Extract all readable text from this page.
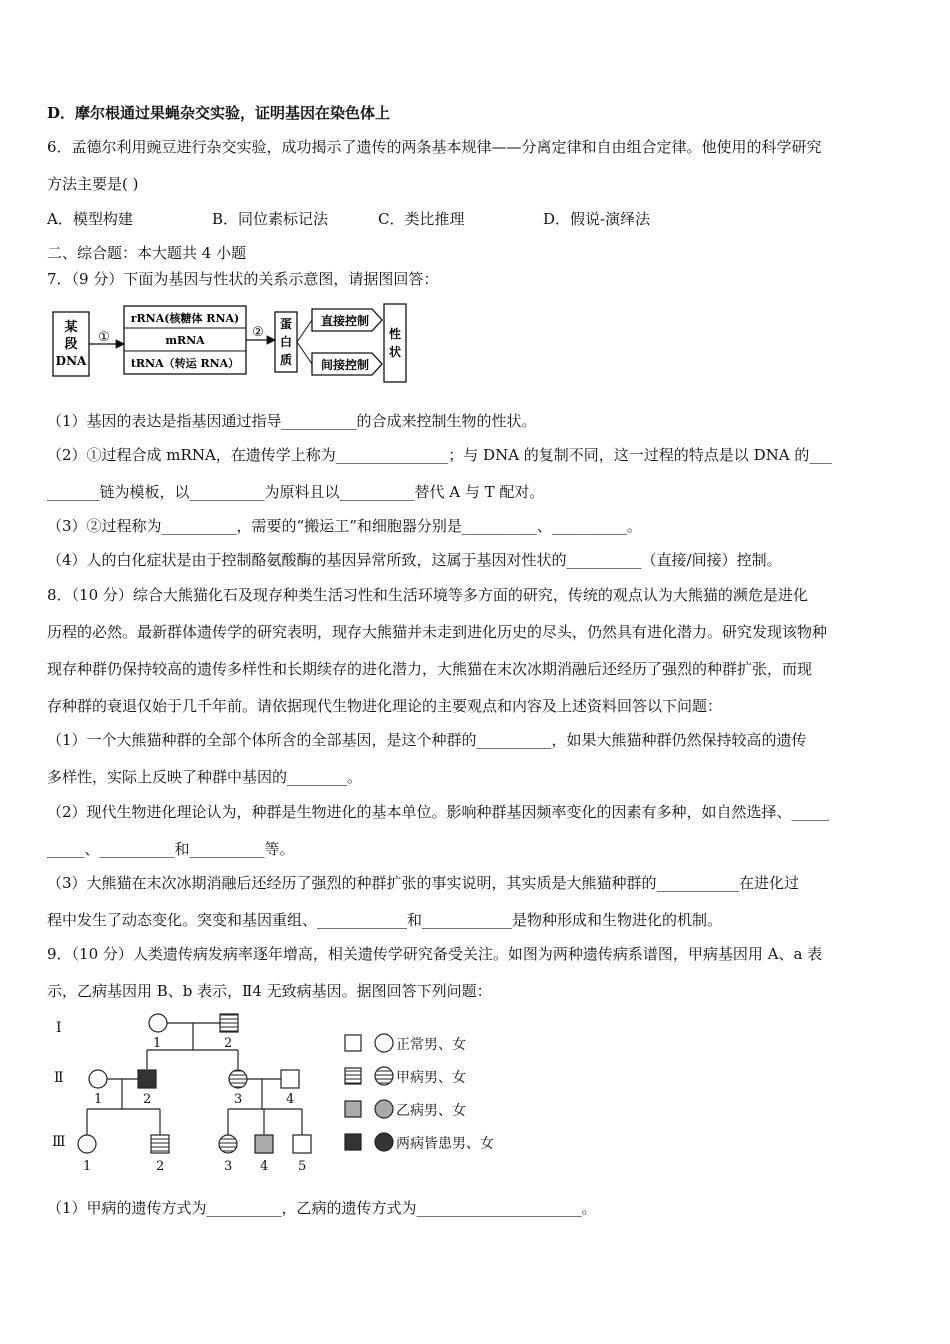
D．摩尔根通过果蝇杂交实验，证明基因在染色体上
6．孟德尔利用豌豆进行杂交实验，成功揭示了遗传的两条基本规律——分离定律和自由组合定律。他使用的科学研究
方法主要是( )
A．模型构建	B．同位素标记法	C．类比推理	D．假说-演绎法
二、综合题：本大题共 4 小题
7．（9 分）下面为基因与性状的关系示意图，请据图回答：
某
段
DNA
①
rRNA(核糖体 RNA)
mRNA
tRNA（转运 RNA）
②
蛋
白
质
直接控制
间接控制
性
状
（1）基因的表达是指基因通过指导__________的合成来控制生物的性状。
（2）①过程合成 mRNA，在遗传学上称为_______________；与 DNA 的复制不同，这一过程的特点是以 DNA 的___
_______链为模板，以__________为原料且以__________替代 A 与 T 配对。
（3）②过程称为__________，需要的“搬运工”和细胞器分别是__________、__________。
（4）人的白化症状是由于控制酪氨酸酶的基因异常所致，这属于基因对性状的__________（直接/间接）控制。
8．（10 分）综合大熊猫化石及现存种类生活习性和生活环境等多方面的研究，传统的观点认为大熊猫的濒危是进化
历程的必然。最新群体遗传学的研究表明，现存大熊猫并未走到进化历史的尽头，仍然具有进化潜力。研究发现该物种
现存种群仍保持较高的遗传多样性和长期续存的进化潜力，大熊猫在末次冰期消融后还经历了强烈的种群扩张，而现
存种群的衰退仅始于几千年前。请依据现代生物进化理论的主要观点和内容及上述资料回答以下问题：
（1）一个大熊猫种群的全部个体所含的全部基因，是这个种群的__________，如果大熊猫种群仍然保持较高的遗传
多样性，实际上反映了种群中基因的________。
（2）现代生物进化理论认为，种群是生物进化的基本单位。影响种群基因频率变化的因素有多种，如自然选择、_____
_____、__________和__________等。
（3）大熊猫在末次冰期消融后还经历了强烈的种群扩张的事实说明，其实质是大熊猫种群的___________在进化过
程中发生了动态变化。突变和基因重组、____________和____________是物种形成和生物进化的机制。
9．（10 分）人类遗传病发病率逐年增高，相关遗传学研究备受关注。如图为两种遗传病系谱图，甲病基因用 A、a 表
示，乙病基因用 B、b 表示，Ⅱ4 无致病基因。据图回答下列问题：
Ⅰ
Ⅱ
Ⅲ
1	2
1	2	3	4
1	2	3 4 5
正常男、女
甲病男、女
乙病男、女
两病皆患男、女
（1）甲病的遗传方式为__________，乙病的遗传方式为______________________。
